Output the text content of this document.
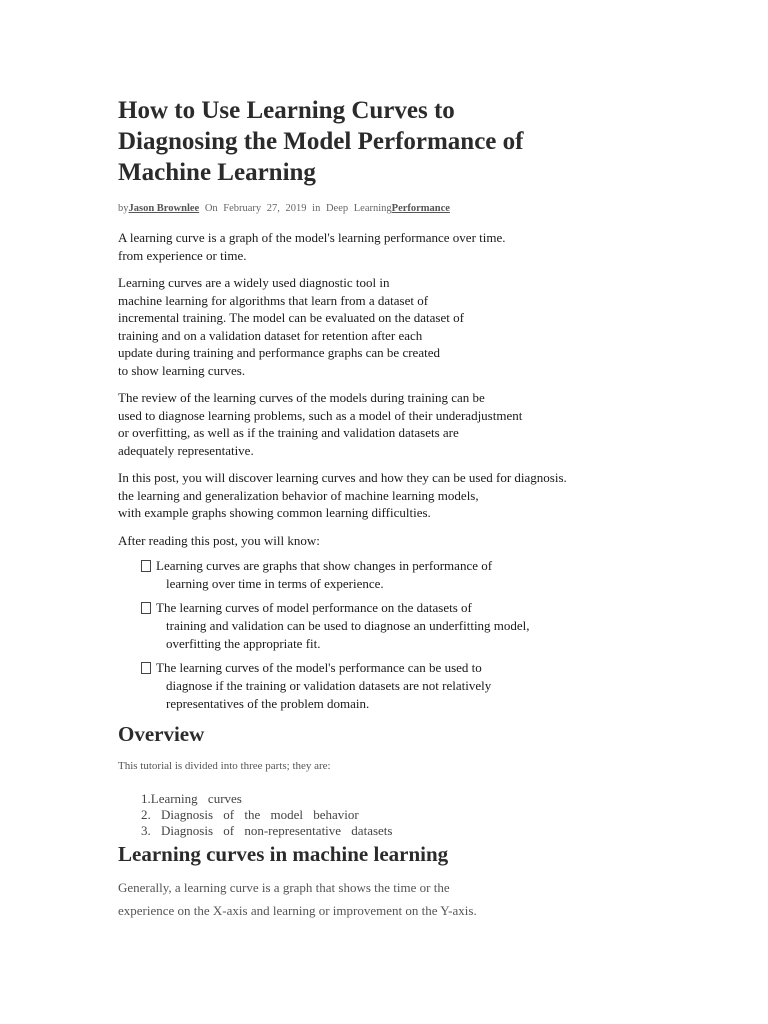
How to Use Learning Curves to
Diagnosing the Model Performance of
Machine Learning
byJason Brownlee On February 27, 2019 in Deep LearningPerformance

A learning curve is a graph of the model's learning performance over time.
from experience or time.

Learning curves are a widely used diagnostic tool in
machine learning for algorithms that learn from a dataset of
incremental training. The model can be evaluated on the dataset of
training and on a validation dataset for retention after each
update during training and performance graphs can be created
to show learning curves.

The review of the learning curves of the models during training can be
used to diagnose learning problems, such as a model of their underadjustment
or overfitting, as well as if the training and validation datasets are
adequately representative.

In this post, you will discover learning curves and how they can be used for diagnosis.
the learning and generalization behavior of machine learning models,
with example graphs showing common learning difficulties.

After reading this post, you will know:

Learning curves are graphs that show changes in performance of
learning over time in terms of experience.
The learning curves of model performance on the datasets of
training and validation can be used to diagnose an underfitting model,
overfitting the appropriate fit.
The learning curves of the model's performance can be used to
diagnose if the training or validation datasets are not relatively
representatives of the problem domain.
Overview
This tutorial is divided into three parts; they are:
1.Learning curves
2. Diagnosis of the model behavior
3. Diagnosis of non-representative datasets
Learning curves in machine learning
Generally, a learning curve is a graph that shows the time or the
experience on the X-axis and learning or improvement on the Y-axis.
